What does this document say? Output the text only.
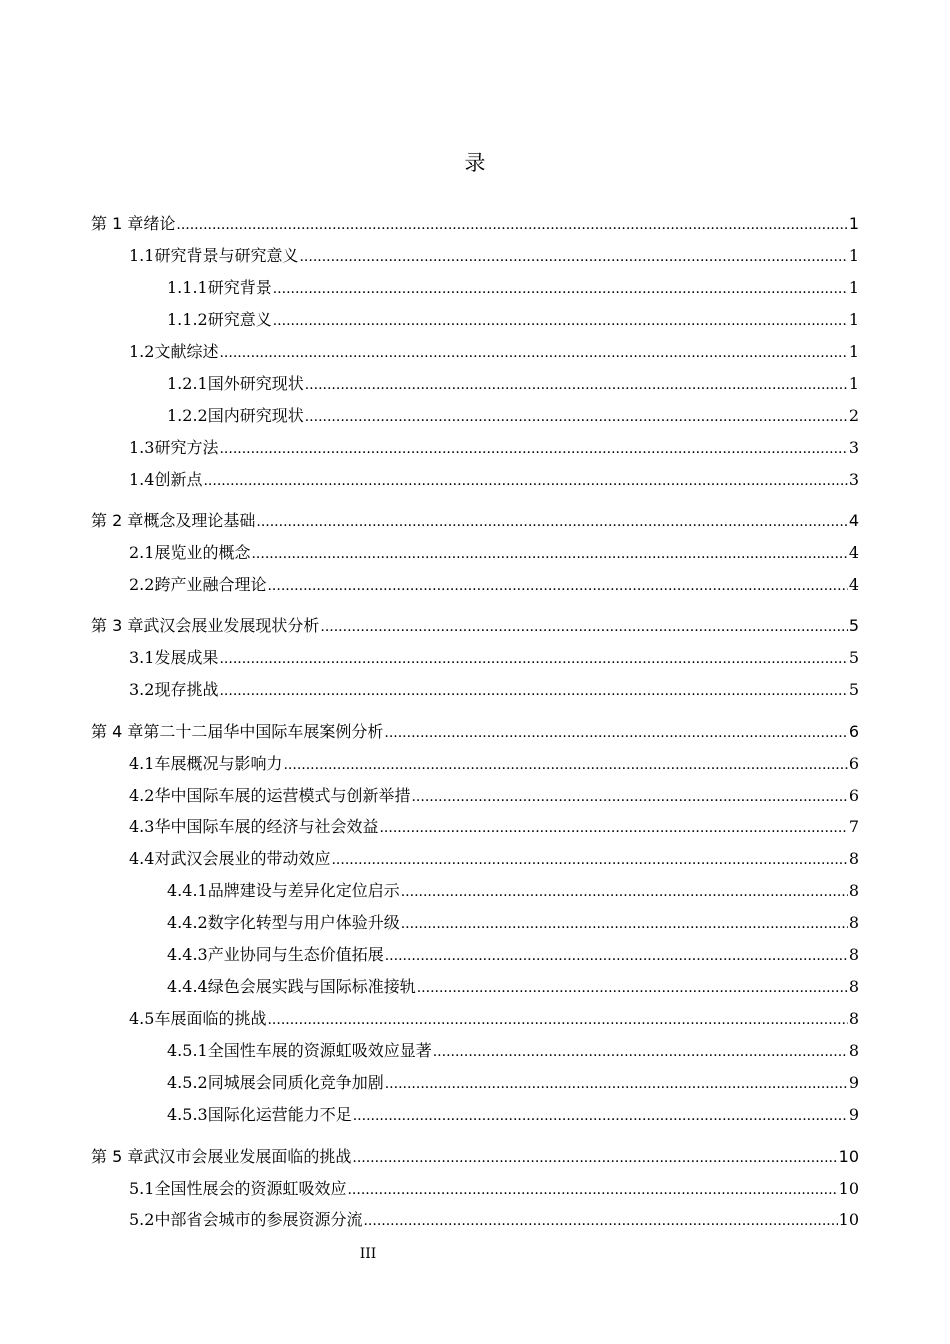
录
第 1 章 绪论 .....	1
1.1 研究背景与研究意义 .....	1
1.1.1 研究背景 .....	1
1.1.2 研究意义 .....	1
1.2 文献综述 .....	1
1.2.1 国外研究现状 .....	1
1.2.2 国内研究现状 .....	2
1.3 研究方法 .....	3
1.4 创新点 .....	3
第 2 章 概念及理论基础 .....	4
2.1 展览业的概念 .....	4
2.2 跨产业融合理论 .....	4
第 3 章 武汉会展业发展现状分析 .....	5
3.1 发展成果 .....	5
3.2 现存挑战 .....	5
第 4 章 第二十二届华中国际车展案例分析 .....	6
4.1 车展概况与影响力 .....	6
4.2 华中国际车展的运营模式与创新举措 .....	6
4.3 华中国际车展的经济与社会效益 .....	7
4.4 对武汉会展业的带动效应 .....	8
4.4.1 品牌建设与差异化定位启示 .....	8
4.4.2 数字化转型与用户体验升级 .....	8
4.4.3 产业协同与生态价值拓展 .....	8
4.4.4 绿色会展实践与国际标准接轨 .....	8
4.5 车展面临的挑战 .....	8
4.5.1 全国性车展的资源虹吸效应显著 .....	8
4.5.2 同城展会同质化竞争加剧 .....	9
4.5.3 国际化运营能力不足 .....	9
第 5 章 武汉市会展业发展面临的挑战 .....	10
5.1 全国性展会的资源虹吸效应 .....	10
5.2 中部省会城市的参展资源分流 .....	10
III
